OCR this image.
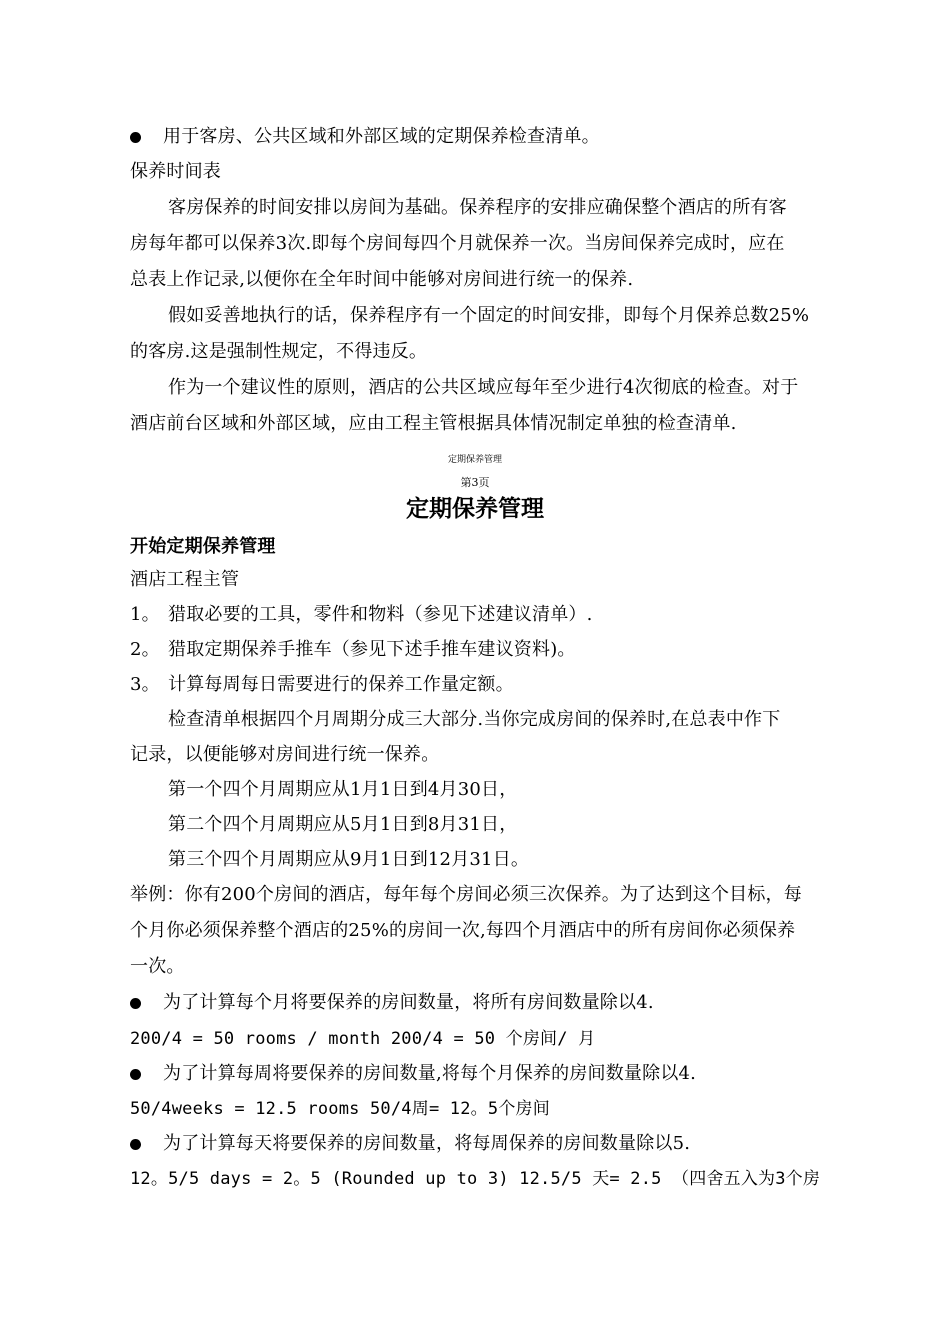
用于客房、公共区域和外部区域的定期保养检查清单。
保养时间表
客房保养的时间安排以房间为基础。保养程序的安排应确保整个酒店的所有客
房每年都可以保养3次.即每个房间每四个月就保养一次。当房间保养完成时，应在
总表上作记录,以便你在全年时间中能够对房间进行统一的保养.
假如妥善地执行的话，保养程序有一个固定的时间安排，即每个月保养总数25%
的客房.这是强制性规定，不得违反。
作为一个建议性的原则，酒店的公共区域应每年至少进行4次彻底的检查。对于
酒店前台区域和外部区域，应由工程主管根据具体情况制定单独的检查清单.
定期保养管理
第3页
定期保养管理
开始定期保养管理
酒店工程主管
1。 猎取必要的工具，零件和物料（参见下述建议清单）.
2。 猎取定期保养手推车（参见下述手推车建议资料)。
3。 计算每周每日需要进行的保养工作量定额。
检查清单根据四个月周期分成三大部分.当你完成房间的保养时,在总表中作下
记录，以便能够对房间进行统一保养。
第一个四个月周期应从1月1日到4月30日，
第二个四个月周期应从5月1日到8月31日，
第三个四个月周期应从9月1日到12月31日。
举例：你有200个房间的酒店，每年每个房间必须三次保养。为了达到这个目标，每
个月你必须保养整个酒店的25%的房间一次,每四个月酒店中的所有房间你必须保养
一次。
为了计算每个月将要保养的房间数量，将所有房间数量除以4.
200/4 = 50 rooms / month 200/4 = 50 个房间/ 月
为了计算每周将要保养的房间数量,将每个月保养的房间数量除以4.
50/4weeks = 12.5 rooms 50/4周= 12。5个房间
为了计算每天将要保养的房间数量，将每周保养的房间数量除以5.
12。5/5 days = 2。5 (Rounded up to 3) 12.5/5 天= 2.5 （四舍五入为3个房
